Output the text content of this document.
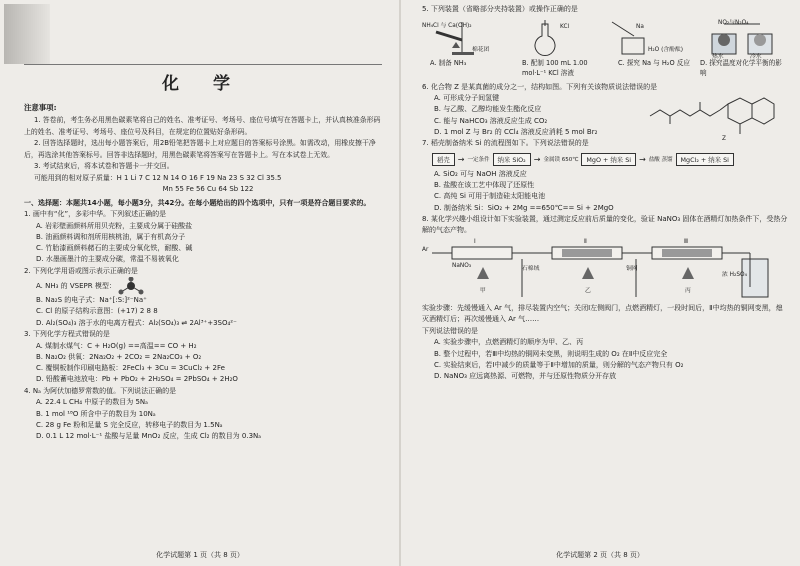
化 学

注意事项:

1. 答卷前，考生务必用黑色碳素笔将自己的姓名、准考证号、考场号、座位号填写在答题卡上，并认真核准条形码上的姓名、准考证号、考场号、座位号及科目，在规定的位置贴好条形码。

2. 回答选择题时，选出每小题答案后，用2B铅笔把答题卡上对应题目的答案标号涂黑。如需改动，用橡皮擦干净后，再选涂其他答案标号。回答非选择题时，用黑色碳素笔将答案写在答题卡上。写在本试卷上无效。

3. 考试结束后，将本试卷和答题卡一并交回。

可能用到的相对原子质量：H 1 Li 7 C 12 N 14 O 16 F 19 Na 23 S 32 Cl 35.5

Mn 55 Fe 56 Cu 64 Sb 122

一、选择题：本题共14小题，每小题3分，共42分。在每小题给出的四个选项中，只有一项是符合题目要求的。

1. 画中有“化”，多彩中华。下列叙述正确的是

A. 岩彩壁画颜料所用贝壳粉，主要成分属于硅酸盐

B. 油画颜料调和剂所用核桃油，属于有机高分子

C. 竹胎漆画颜料赭石的主要成分氧化铁，耐酸、碱

D. 水墨画墨汁的主要成分碳，常温不易被氧化

2. 下列化学用语或图示表示正确的是

A. NH₃ 的 VSEPR 模型：

B. Na₂S 的电子式：Na⁺[:S:]²⁻Na⁺

C. Cl 的原子结构示意图：(+17) 2 8 8

D. Al₂(SO₄)₃ 溶于水的电离方程式：Al₂(SO₄)₃ ⇌ 2Al³⁺+3SO₄²⁻

3. 下列化学方程式错误的是

A. 煤制水煤气：C + H₂O(g) ==高温== CO + H₂

B. Na₂O₂ 供氧：2Na₂O₂ + 2CO₂ = 2Na₂CO₃ + O₂

C. 覆铜板制作印刷电路板：2FeCl₃ + 3Cu = 3CuCl₂ + 2Fe

D. 铅酸蓄电池放电：Pb + PbO₂ + 2H₂SO₄ = 2PbSO₄ + 2H₂O

4. Nₐ 为阿伏加德罗常数的值。下列说法正确的是

A. 22.4 L CH₄ 中原子的数目为 5Nₐ

B. 1 mol ¹⁸O 所含中子的数目为 10Nₐ

C. 28 g Fe 粉和足量 S 完全反应，转移电子的数目为 1.5Nₐ

D. 0.1 L 12 mol·L⁻¹ 盐酸与足量 MnO₂ 反应，生成 Cl₂ 的数目为 0.3Nₐ

化学试题第 1 页（共 8 页）

5. 下列装置（省略部分夹持装置）或操作正确的是

NH₄Cl 与 Ca(OH)₂
棉花团
KCl	Na
H₂O (含酚酞)
NO₂与N₂O₄
热水	冷水
A. 制备 NH₃	B. 配制 100 mL 1.00 mol·L⁻¹ KCl 溶液
C. 探究 Na 与 H₂O 反应 D. 探究温度对化学平衡的影响

6. 化合物 Z 是某真菌的成分之一，结构如图。下列有关该物质说法错误的是

A. 可形成分子间氢键

B. 与乙酸、乙醇均能发生酯化反应

C. 能与 NaHCO₃ 溶液反应生成 CO₂

D. 1 mol Z 与 Br₂ 的 CCl₄ 溶液反应消耗 5 mol Br₂

Z

7. 稻壳制备纳米 Si 的流程图如下。下列说法错误的是

稻壳	→ 一定条件	纳米 SiO₂	→ 金属镁 650℃	MgO + 纳米 Si	→ 盐酸 蒸馏	MgCl₂ + 纳米 Si

A. SiO₂ 可与 NaOH 溶液反应

B. 盐酸在该工艺中体现了还原性

C. 高纯 Si 可用于制造硅太阳能电池

D. 制备纳米 Si：SiO₂ + 2Mg ==650℃== Si + 2MgO

8. 某化学兴趣小组设计如下实验装置，通过测定反应前后质量的变化，验证 NaNO₃ 固体在酒精灯加热条件下，受热分解的气态产物。

Ar
NaNO₃	石棉绒	铜网
甲	乙	丙
浓 H₂SO₄
Ⅰ	Ⅱ	Ⅲ

实验步骤：先缓慢通入 Ar 气，排尽装置内空气；关闭Ⅰ左侧阀门，点燃酒精灯，一段时间后，Ⅱ中均热的铜网变黑，熄灭酒精灯后；再次缓慢通入 Ar 气……

下列说法错误的是

A. 实验步骤中，点燃酒精灯的顺序为甲、乙、丙

B. 整个过程中，若Ⅲ中均热的铜网未变黑，则说明生成的 O₂ 在Ⅱ中反应完全

C. 实验结束后，若Ⅰ中减少的质量等于Ⅱ中增加的质量，则分解的气态产物只有 O₂

D. NaNO₃ 应远离热源、可燃物，并与还原性物质分开存放

化学试题第 2 页（共 8 页）
